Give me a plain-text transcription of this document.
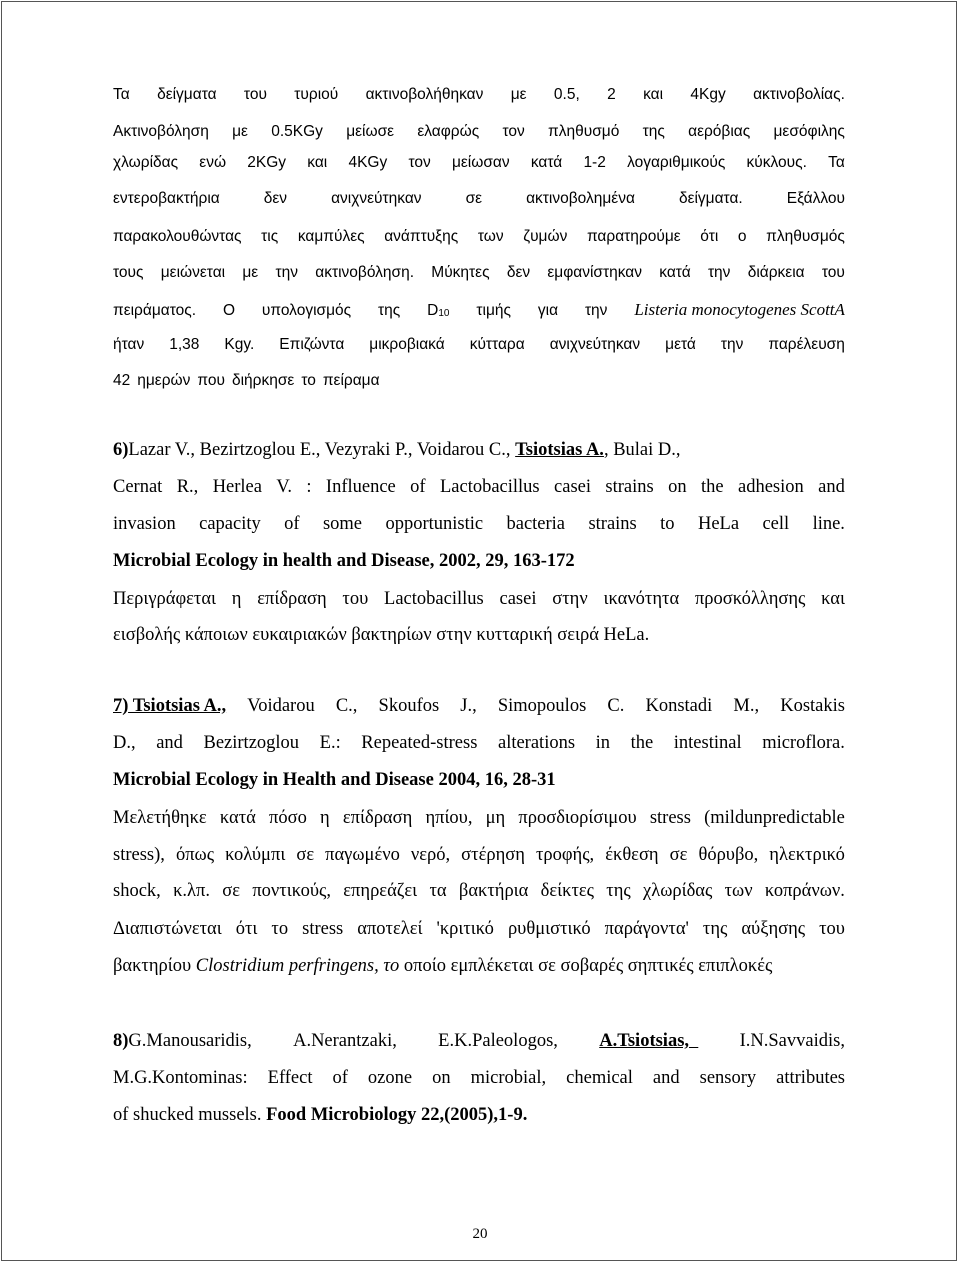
Τα δείγματα του τυριού ακτινοβολήθηκαν με 0.5, 2 και 4Kgy ακτινοβολίας.
Ακτινοβόληση με 0.5KGy μείωσε ελαφρώς τον πληθυσμό της αερόβιας μεσόφιλης
χλωρίδας ενώ 2KGy και 4KGy τον μείωσαν κατά 1-2 λογαριθμικούς κύκλους. Τα
εντεροβακτήρια	δεν	ανιχνεύτηκαν	σε	ακτινοβολημένα	δείγματα.	Εξάλλου
παρακολουθώντας τις καμπύλες ανάπτυξης των ζυμών παρατηρούμε ότι ο πληθυσμός
τους μειώνεται με την ακτινοβόληση. Μύκητες δεν εμφανίστηκαν κατά την διάρκεια του
πειράματος. Ο υπολογισμός της $D_{10}$ τιμής για την Listeria monocytogenes ScottA
ήταν 1,38 Kgy. Επιζώντα μικροβιακά κύτταρα ανιχνεύτηκαν μετά την παρέλευση
42 ημερών που διήρκησε το πείραμα
6)Lazar V., Bezirtzoglou E., Vezyraki P., Voidarou C., Tsiotsias A., Bulai D.,
Cernat R., Herlea V. : Influence of Lactobacillus casei strains on the adhesion and
invasion capacity of some opportunistic bacteria strains to HeLa cell line.
Microbial Ecology in health and Disease, 2002, 29, 163-172
Περιγράφεται η επίδραση του Lactobacillus casei στην ικανότητα προσκόλλησης και
εισβολής κάποιων ευκαιριακών βακτηρίων στην κυτταρική σειρά HeLa.
7) Tsiotsias A., Voidarou C., Skoufos J., Simopoulos C. Konstadi M., Kostakis
D., and Bezirtzoglou E.: Repeated-stress alterations in the intestinal microflora.
Microbial Ecology in Health and Disease 2004, 16, 28-31
Μελετήθηκε κατά πόσο η επίδραση ηπίου, μη προσδιορίσιμου stress (mildunpredictable
stress), όπως κολύμπι σε παγωμένο νερό, στέρηση τροφής, έκθεση σε θόρυβο, ηλεκτρικό
shock, κ.λπ. σε ποντικούς, επηρεάζει τα βακτήρια δείκτες της χλωρίδας των κοπράνων.
Διαπιστώνεται ότι το stress αποτελεί 'κριτικό ρυθμιστικό παράγοντα' της αύξησης του
βακτηρίου Clostridium perfringens, το οποίο εμπλέκεται σε σοβαρές σηπτικές επιπλοκές
8)G.Manousaridis, A.Nerantzaki, E.K.Paleologos, A.Tsiotsias, I.N.Savvaidis,
M.G.Kontominas: Effect of ozone on microbial, chemical and sensory attributes
of shucked mussels. Food Microbiology 22,(2005),1-9.
20
